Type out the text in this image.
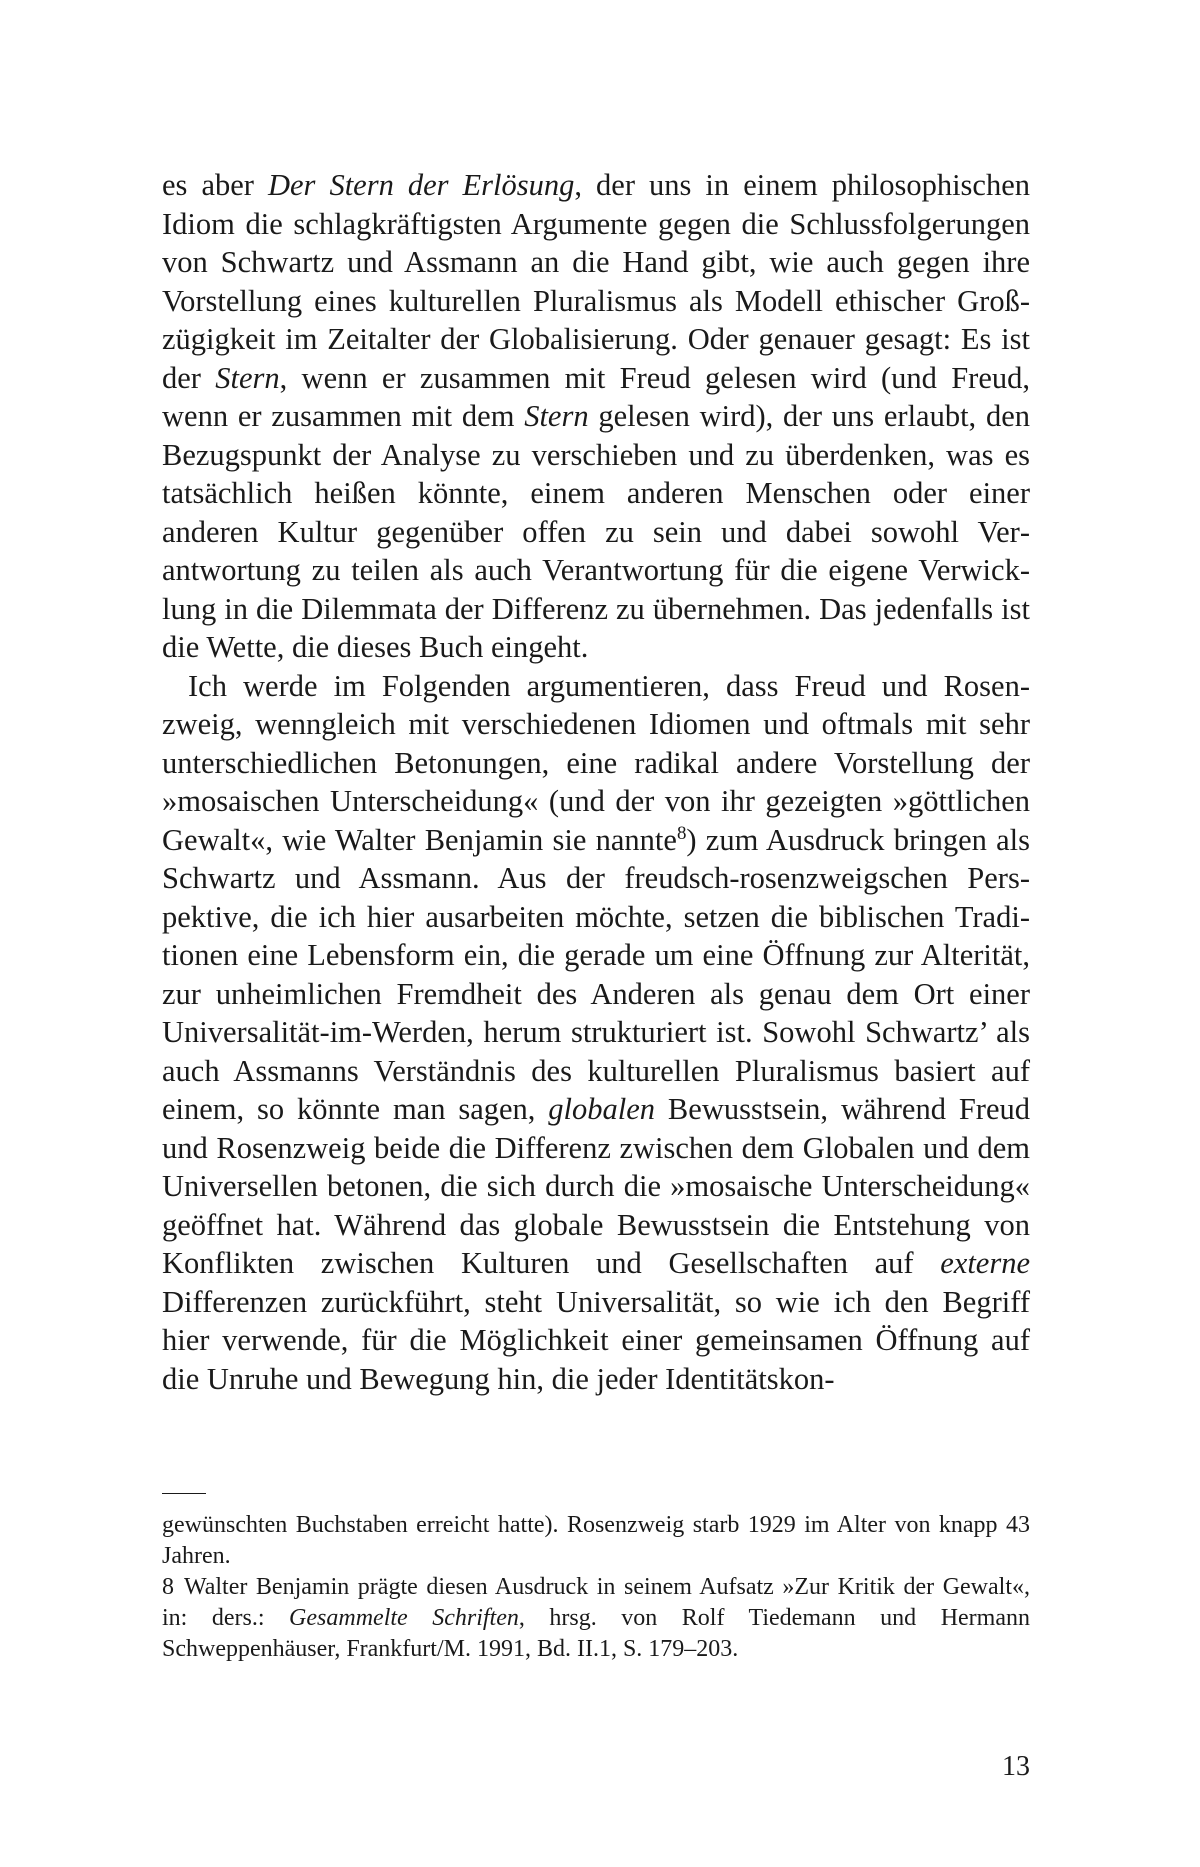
es aber Der Stern der Erlösung, der uns in einem philosophischen Idiom die schlagkräftigsten Argumente gegen die Schlussfolgerungen von Schwartz und Assmann an die Hand gibt, wie auch gegen ihre Vorstellung eines kulturellen Pluralismus als Modell ethischer Großzügigkeit im Zeitalter der Globalisierung. Oder genauer gesagt: Es ist der Stern, wenn er zusammen mit Freud gelesen wird (und Freud, wenn er zusammen mit dem Stern gelesen wird), der uns erlaubt, den Bezugspunkt der Analyse zu verschieben und zu überdenken, was es tatsächlich heißen könnte, einem anderen Menschen oder einer anderen Kultur gegenüber offen zu sein und dabei sowohl Verantwortung zu teilen als auch Verantwortung für die eigene Verwicklung in die Dilemmata der Differenz zu übernehmen. Das jedenfalls ist die Wette, die dieses Buch eingeht.

Ich werde im Folgenden argumentieren, dass Freud und Rosenzweig, wenngleich mit verschiedenen Idiomen und oftmals mit sehr unterschiedlichen Betonungen, eine radikal andere Vorstellung der »mosaischen Unterscheidung« (und der von ihr gezeigten »göttlichen Gewalt«, wie Walter Benjamin sie nannte$^8$) zum Ausdruck bringen als Schwartz und Assmann. Aus der freudsch-rosenzweigschen Perspektive, die ich hier ausarbeiten möchte, setzen die biblischen Traditionen eine Lebensform ein, die gerade um eine Öffnung zur Alterität, zur unheimlichen Fremdheit des Anderen als genau dem Ort einer Universalität-im-Werden, herum strukturiert ist. Sowohl Schwartz’ als auch Assmanns Verständnis des kulturellen Pluralismus basiert auf einem, so könnte man sagen, globalen Bewusstsein, während Freud und Rosenzweig beide die Differenz zwischen dem Globalen und dem Universellen betonen, die sich durch die »mosaische Unterscheidung« geöffnet hat. Während das globale Bewusstsein die Entstehung von Konflikten zwischen Kulturen und Gesellschaften auf externe Differenzen zurückführt, steht Universalität, so wie ich den Begriff hier verwende, für die Möglichkeit einer gemeinsamen Öffnung auf die Unruhe und Bewegung hin, die jeder Identitätskon-

gewünschten Buchstaben erreicht hatte). Rosenzweig starb 1929 im Alter von knapp 43 Jahren.

8 Walter Benjamin prägte diesen Ausdruck in seinem Aufsatz »Zur Kritik der Gewalt«, in: ders.: Gesammelte Schriften, hrsg. von Rolf Tiedemann und Hermann Schweppenhäuser, Frankfurt/M. 1991, Bd. II.1, S. 179–203.

13
